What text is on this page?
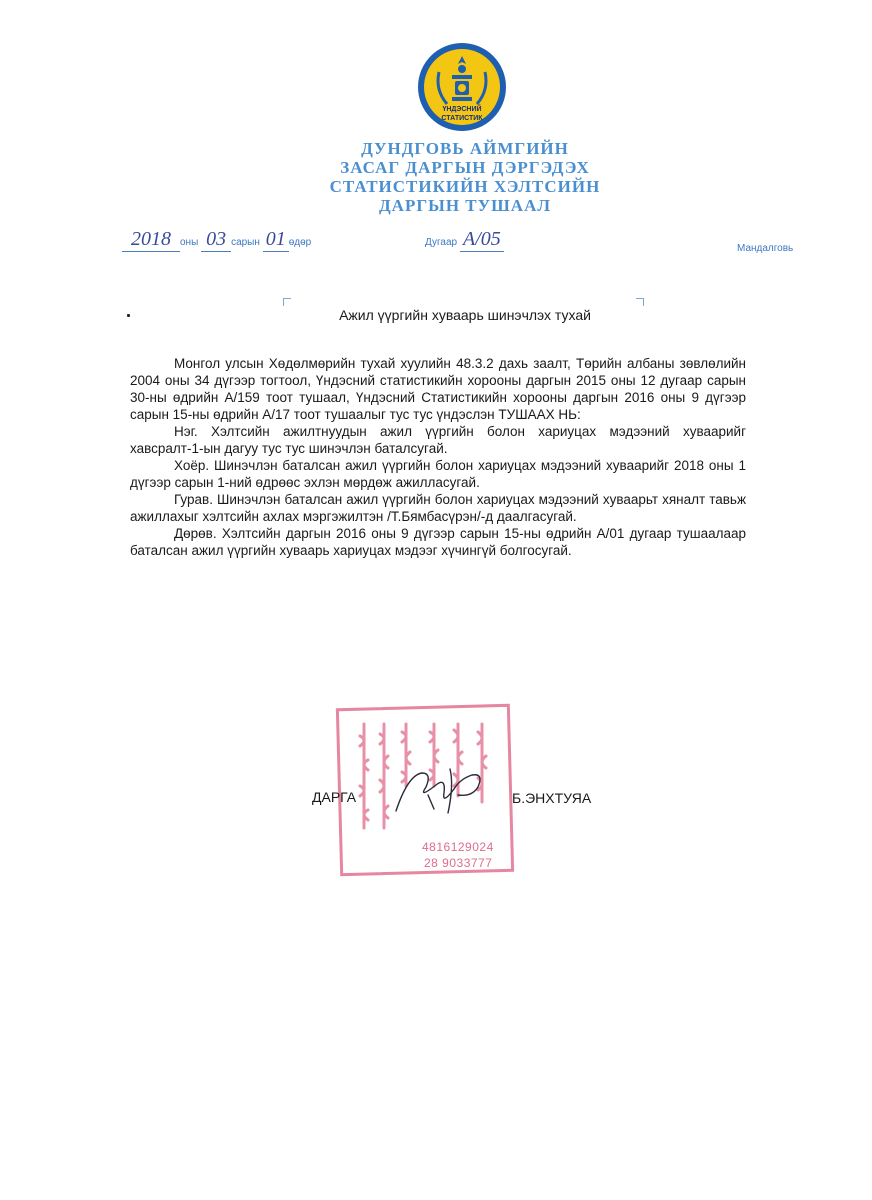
ҮНДЭСНИЙ
СТАТИСТИК
ДУНДГОВЬ АЙМГИЙН
ЗАСАГ ДАРГЫН ДЭРГЭДЭХ
СТАТИСТИКИЙН ХЭЛТСИЙН
ДАРГЫН ТУШААЛ
2018 оны 03 сарын 01 өдөр	Дугаар А/05	Мандалговь
Ажил үүргийн хуваарь шинэчлэх тухай

Монгол улсын Хөдөлмөрийн тухай хуулийн 48.3.2 дахь заалт, Төрийн албаны зөвлөлийн 2004 оны 34 дүгээр тогтоол, Үндэсний статистикийн хорооны даргын 2015 оны 12 дугаар сарын 30-ны өдрийн А/159 тоот тушаал, Үндэсний Статистикийн хорооны даргын 2016 оны 9 дүгээр сарын 15-ны өдрийн А/17 тоот тушаалыг тус тус үндэслэн ТУШААХ НЬ:

Нэг. Хэлтсийн ажилтнуудын ажил үүргийн болон хариуцах мэдээний хуваарийг хавсралт-1-ын дагуу тус тус шинэчлэн баталсугай.

Хоёр. Шинэчлэн баталсан ажил үүргийн болон хариуцах мэдээний хуваарийг 2018 оны 1 дүгээр сарын 1-ний өдрөөс эхлэн мөрдөж ажилласугай.

Гурав. Шинэчлэн баталсан ажил үүргийн болон хариуцах мэдээний хуваарьт хяналт тавьж ажиллахыг хэлтсийн ахлах мэргэжилтэн /Т.Бямбасүрэн/-д даалгасугай.

Дөрөв. Хэлтсийн даргын 2016 оны 9 дүгээр сарын 15-ны өдрийн А/01 дугаар тушаалаар баталсан ажил үүргийн хуваарь хариуцах мэдээг хүчингүй болгосугай.

4816129024
28 9033777
ДАРГА	Б.ЭНХТУЯА
